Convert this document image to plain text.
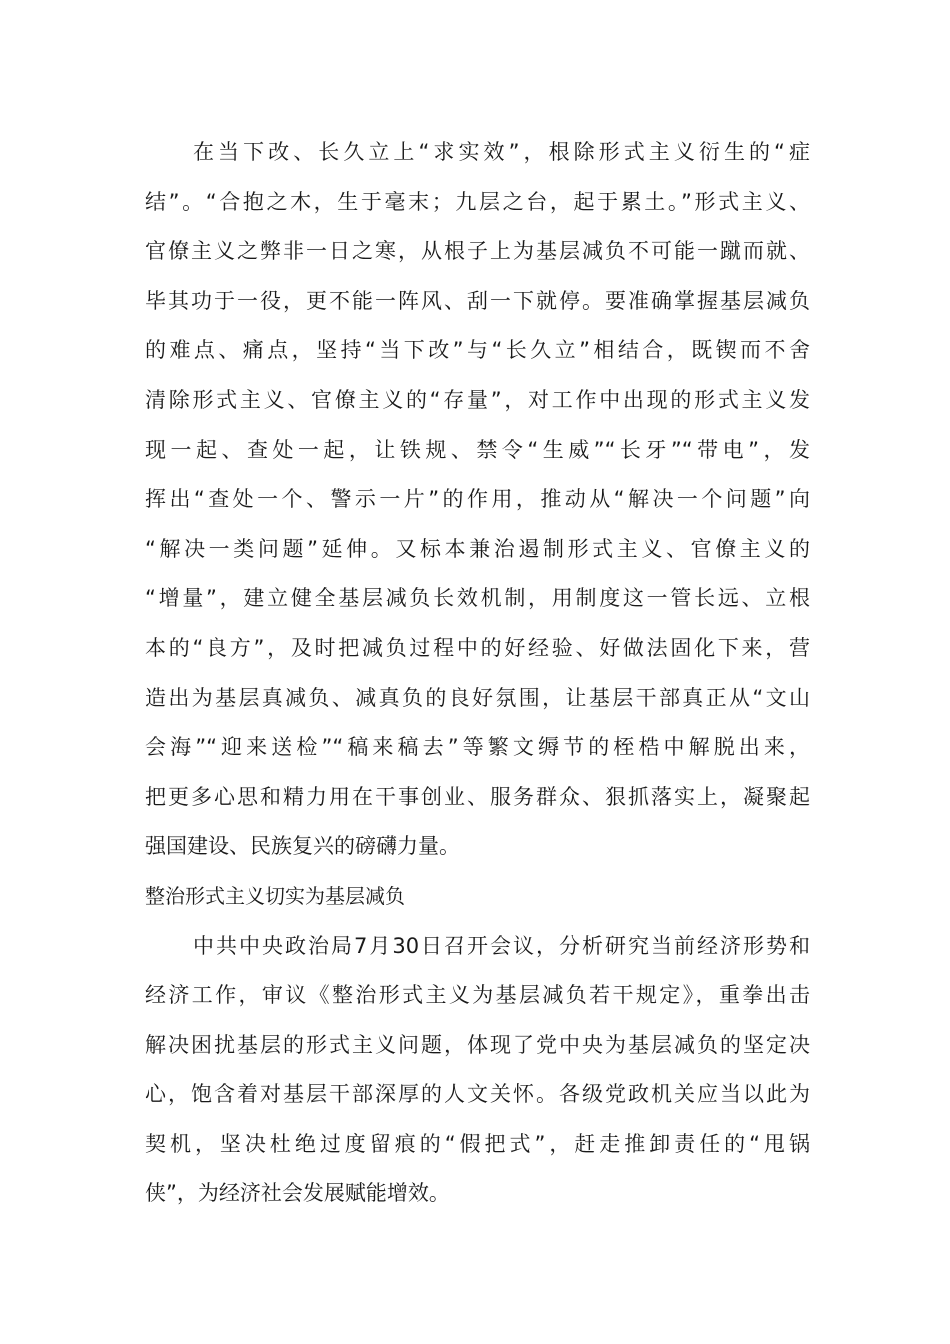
在当下改、长久立上“求实效”，根除形式主义衍生的“症
结”。“合抱之木，生于毫末；九层之台，起于累土。”形式主义、
官僚主义之弊非一日之寒，从根子上为基层减负不可能一蹴而就、
毕其功于一役，更不能一阵风、刮一下就停。要准确掌握基层减负
的难点、痛点，坚持“当下改”与“长久立”相结合，既锲而不舍
清除形式主义、官僚主义的“存量”，对工作中出现的形式主义发
现一起、查处一起，让铁规、禁令“生威”“长牙”“带电”，发
挥出“查处一个、警示一片”的作用，推动从“解决一个问题”向
“解决一类问题”延伸。又标本兼治遏制形式主义、官僚主义的
“增量”，建立健全基层减负长效机制，用制度这一管长远、立根
本的“良方”，及时把减负过程中的好经验、好做法固化下来，营
造出为基层真减负、减真负的良好氛围，让基层干部真正从“文山
会海”“迎来送检”“稿来稿去”等繁文缛节的桎梏中解脱出来，
把更多心思和精力用在干事创业、服务群众、狠抓落实上，凝聚起
强国建设、民族复兴的磅礴力量。
整治形式主义切实为基层减负
中共中央政治局7月30日召开会议，分析研究当前经济形势和
经济工作，审议《整治形式主义为基层减负若干规定》，重拳出击
解决困扰基层的形式主义问题，体现了党中央为基层减负的坚定决
心，饱含着对基层干部深厚的人文关怀。各级党政机关应当以此为
契机，坚决杜绝过度留痕的“假把式”，赶走推卸责任的“甩锅
侠”，为经济社会发展赋能增效。
